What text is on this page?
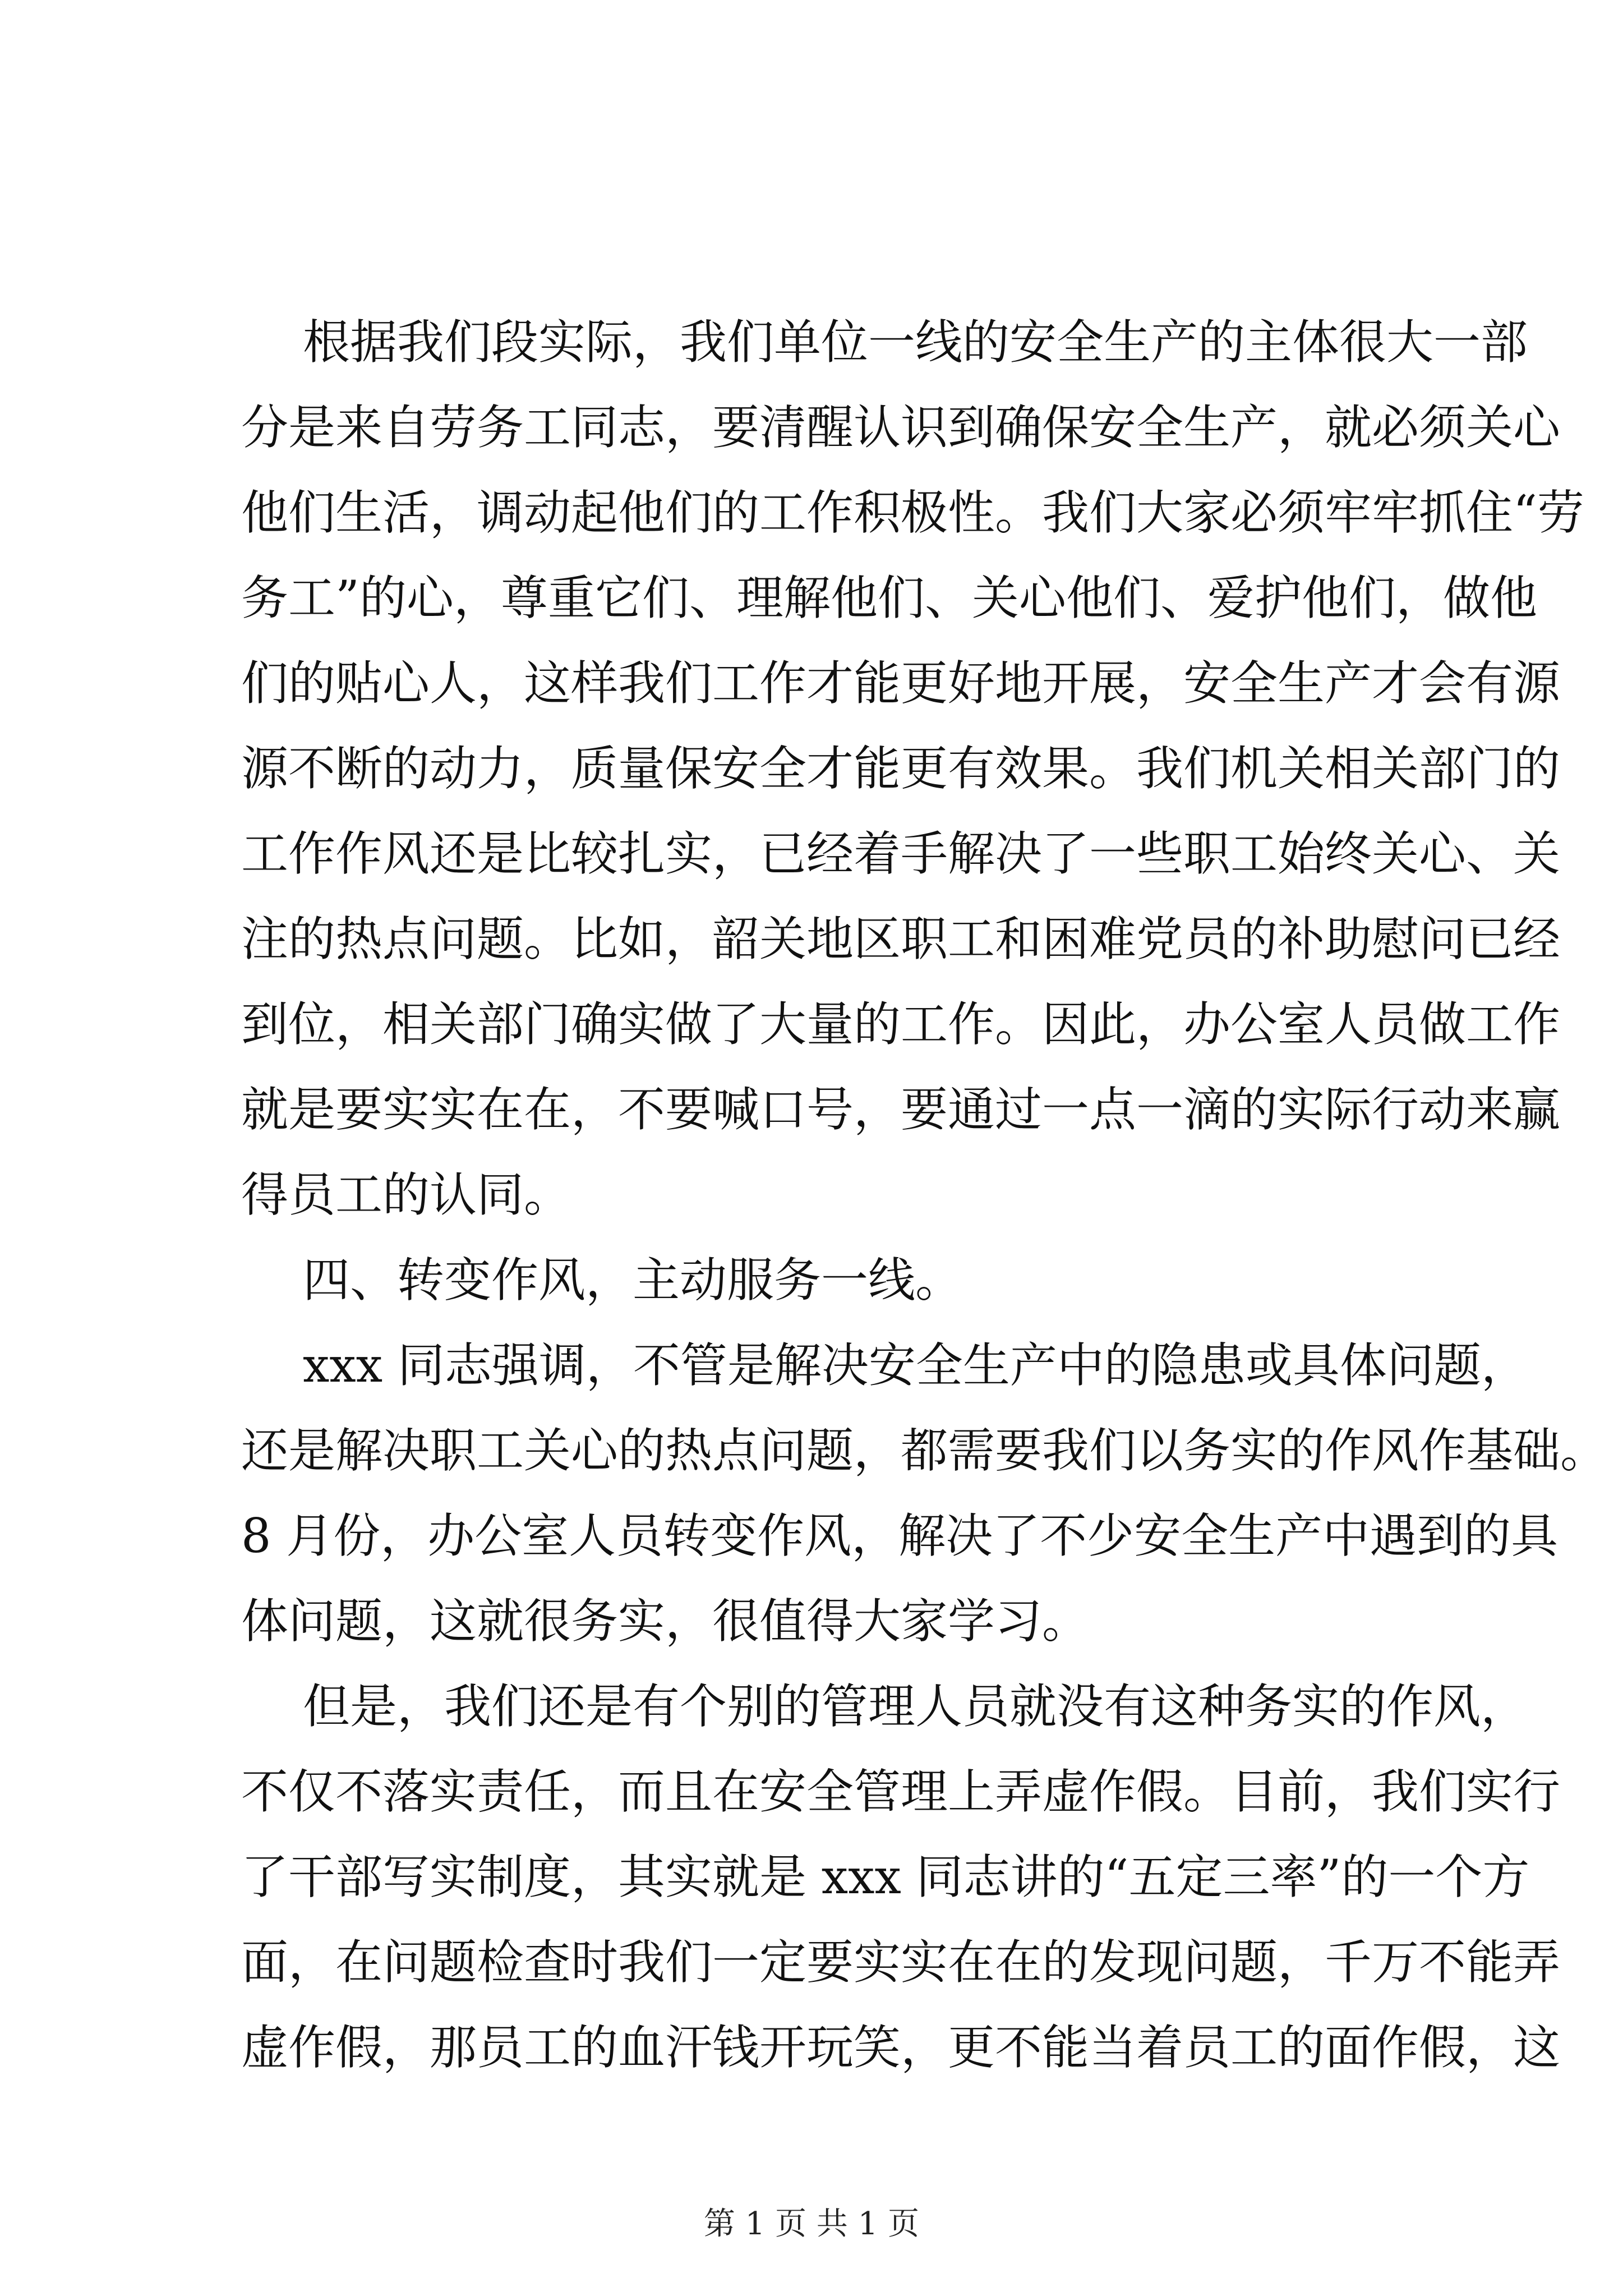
根据我们段实际，我们单位一线的安全生产的主体很大一部
分是来自劳务工同志，要清醒认识到确保安全生产，就必须关心
他们生活，调动起他们的工作积极性。我们大家必须牢牢抓住“劳
务工”的心，尊重它们、理解他们、关心他们、爱护他们，做他
们的贴心人，这样我们工作才能更好地开展，安全生产才会有源
源不断的动力，质量保安全才能更有效果。我们机关相关部门的
工作作风还是比较扎实，已经着手解决了一些职工始终关心、关
注的热点问题。比如，韶关地区职工和困难党员的补助慰问已经
到位，相关部门确实做了大量的工作。因此，办公室人员做工作
就是要实实在在，不要喊口号，要通过一点一滴的实际行动来赢
得员工的认同。
四、转变作风，主动服务一线。
xxx 同志强调，不管是解决安全生产中的隐患或具体问题，
还是解决职工关心的热点问题，都需要我们以务实的作风作基础。
8 月份，办公室人员转变作风，解决了不少安全生产中遇到的具
体问题，这就很务实，很值得大家学习。
但是，我们还是有个别的管理人员就没有这种务实的作风，
不仅不落实责任，而且在安全管理上弄虚作假。目前，我们实行
了干部写实制度，其实就是 xxx 同志讲的“五定三率”的一个方
面，在问题检查时我们一定要实实在在的发现问题，千万不能弄
虚作假，那员工的血汗钱开玩笑，更不能当着员工的面作假，这
第 1 页 共 1 页
